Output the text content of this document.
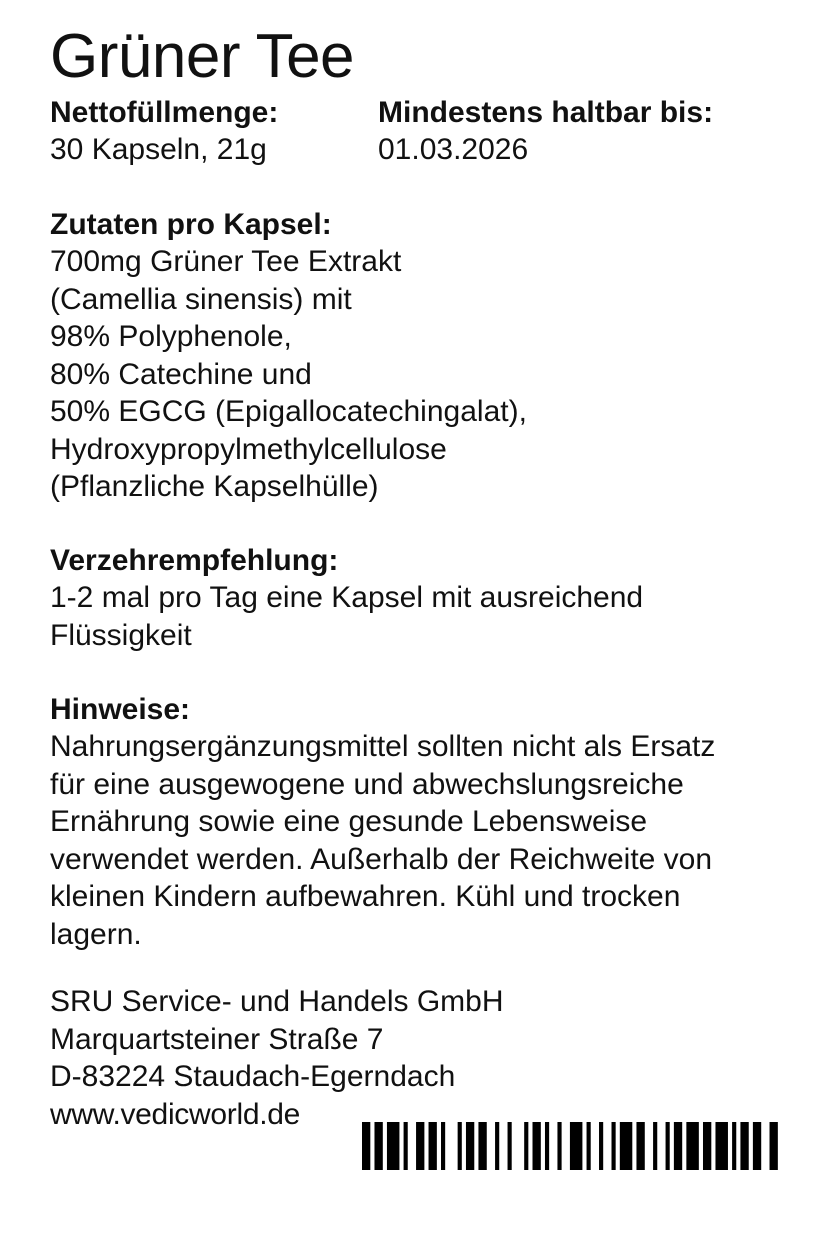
Grüner Tee
Nettofüllmenge:
30 Kapseln, 21g
Mindestens haltbar bis:
01.03.2026
Zutaten pro Kapsel:
700mg Grüner Tee Extrakt
(Camellia sinensis) mit
98% Polyphenole,
80% Catechine und
50% EGCG (Epigallocatechingalat),
Hydroxypropylmethylcellulose
(Pflanzliche Kapselhülle)
Verzehrempfehlung:
1-2 mal pro Tag eine Kapsel mit ausreichend
Flüssigkeit
Hinweise:
Nahrungsergänzungsmittel sollten nicht als Ersatz
für eine ausgewogene und abwechslungsreiche
Ernährung sowie eine gesunde Lebensweise
verwendet werden. Außerhalb der Reichweite von
kleinen Kindern aufbewahren. Kühl und trocken
lagern.
SRU Service- und Handels GmbH
Marquartsteiner Straße 7
D-83224 Staudach-Egerndach
www.vedicworld.de
